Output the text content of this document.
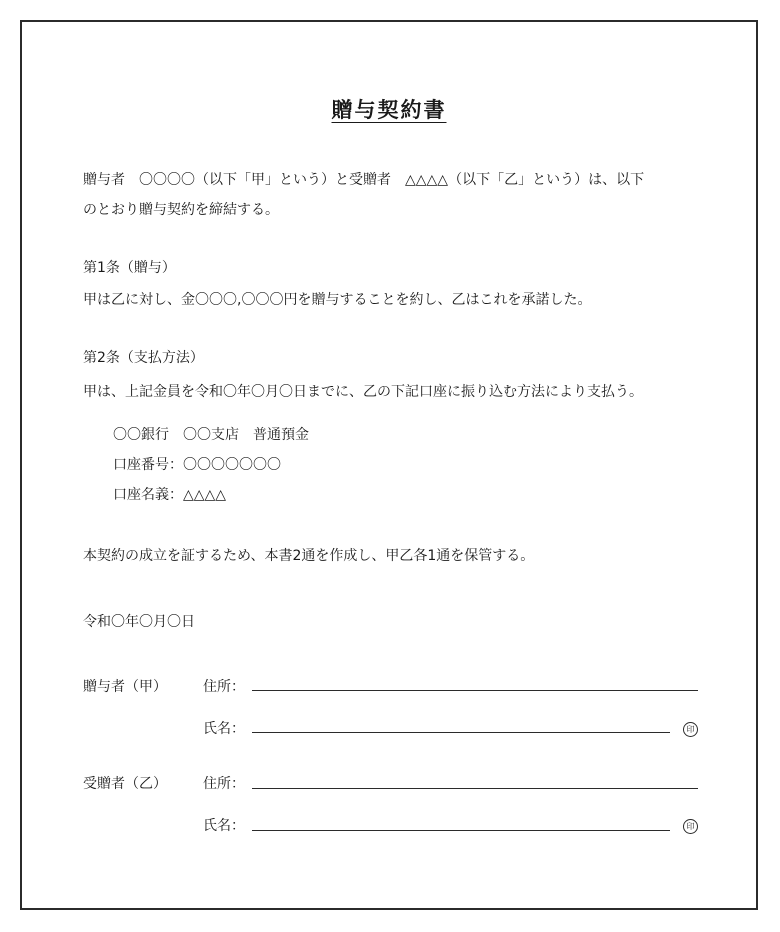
贈与契約書
贈与者　〇〇〇〇（以下「甲」という）と受贈者　△△△△（以下「乙」という）は、以下
のとおり贈与契約を締結する。
第1条（贈与）
甲は乙に対し、金〇〇〇,〇〇〇円を贈与することを約し、乙はこれを承諾した。
第2条（支払方法）
甲は、上記金員を令和〇年〇月〇日までに、乙の下記口座に振り込む方法により支払う。
〇〇銀行　〇〇支店　普通預金
口座番号：〇〇〇〇〇〇〇
口座名義：△△△△
本契約の成立を証するため、本書2通を作成し、甲乙各1通を保管する。
令和〇年〇月〇日
贈与者（甲）	住所：
氏名：	印
受贈者（乙）	住所：
氏名：	印
